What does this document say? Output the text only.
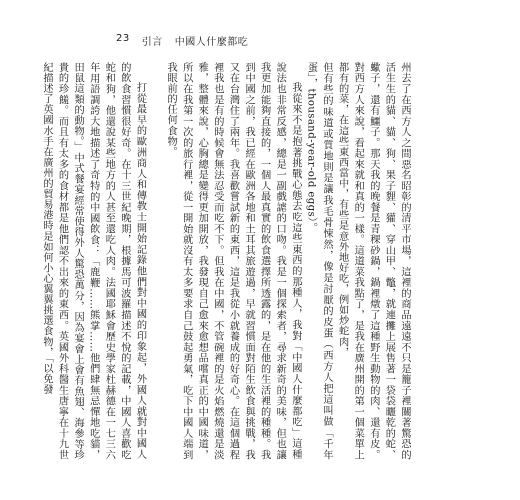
23 引言 中國人什麼都吃

州去了在西方人之間惡名昭彰的清平市場，這裡的商品遠遠不只是籠子裡關著驚恐的活生生的貓、貓、狗、果子貍、獾、穿山甲、鼈，就連攤上展售著一袋袋曬乾的蛇、蠍子，還有鱷子。那天我的晚餐是青稞砂鍋，鍋裡燉了這種野生動物的肉、還有皮。對西方人來說，看起來就和真的一樣。這道菜我點了，是我在廣州開的第一個菜單上都有的菜，在這些東西當中，有些是意外地好吃，例如炒蛇肉，

但有些的味道或質地則是讓我毛骨悚然，像是討厭的皮蛋（西方人把這叫做「千年蛋」，thousand-year-old eggs）。

我從來不是抱著挑戰心態去吃這些東西的那種人，我對「中國人什麼都吃」這種說法也非常反感，總是一副戲謔的口吻。我是一個探索者，尋求新奇的美味，但也讓我更加能夠直接的，一個人最真實的飲食選擇所透露的，是在他的生活裡的種種。我到中國之前，我已經在歐洲各地和土耳其旅遊過，早就習慣面對陌生飲食與挑戰，我又在台灣住了兩年。我喜歡嘗試新的東西，這是我從小就養成的好奇心。在這個過程裡我也是有的時候會無法忍受而吃不下。但我在中國，不管碗裡的是火焰燃燒還是淡雅，整體來說，心胸總是變得更加開放，我發現自己愈來愈想品嚐真正的中國味道，所以在我第一次的旅行裡，從一開始就沒有太多要求自己鼓起勇氣，吃下中國人端到我眼前的任何食物。

打從最早的歐洲商人和傳教士開始記錄他們對中國的印象起，外國人就對中國人的飲食習慣很好奇。在十三世紀晚期，根據馬可波羅描述不悅的記載，中國人喜歡吃蛇和狗，他還說某些地方的人甚至還吃人肉。法國耶穌會歷史學家杜赫德在一七三六年用語調誇大地描述了奇特的中國飲食：「鹿鞭……熊掌……他們肆無忌憚地吃貓，田鼠這類的動物。」中式餐宴經常使得外人驚恐萬分，因為宴會上會有魚翅、海參等珍貴的珍饈。而且有太多的食材都是他們認不出來的東西。英國外科醫生唐寧在十九世紀描述了英國水手在廣州的貿易港時是如何小心翼翼挑選食物，「以免發
